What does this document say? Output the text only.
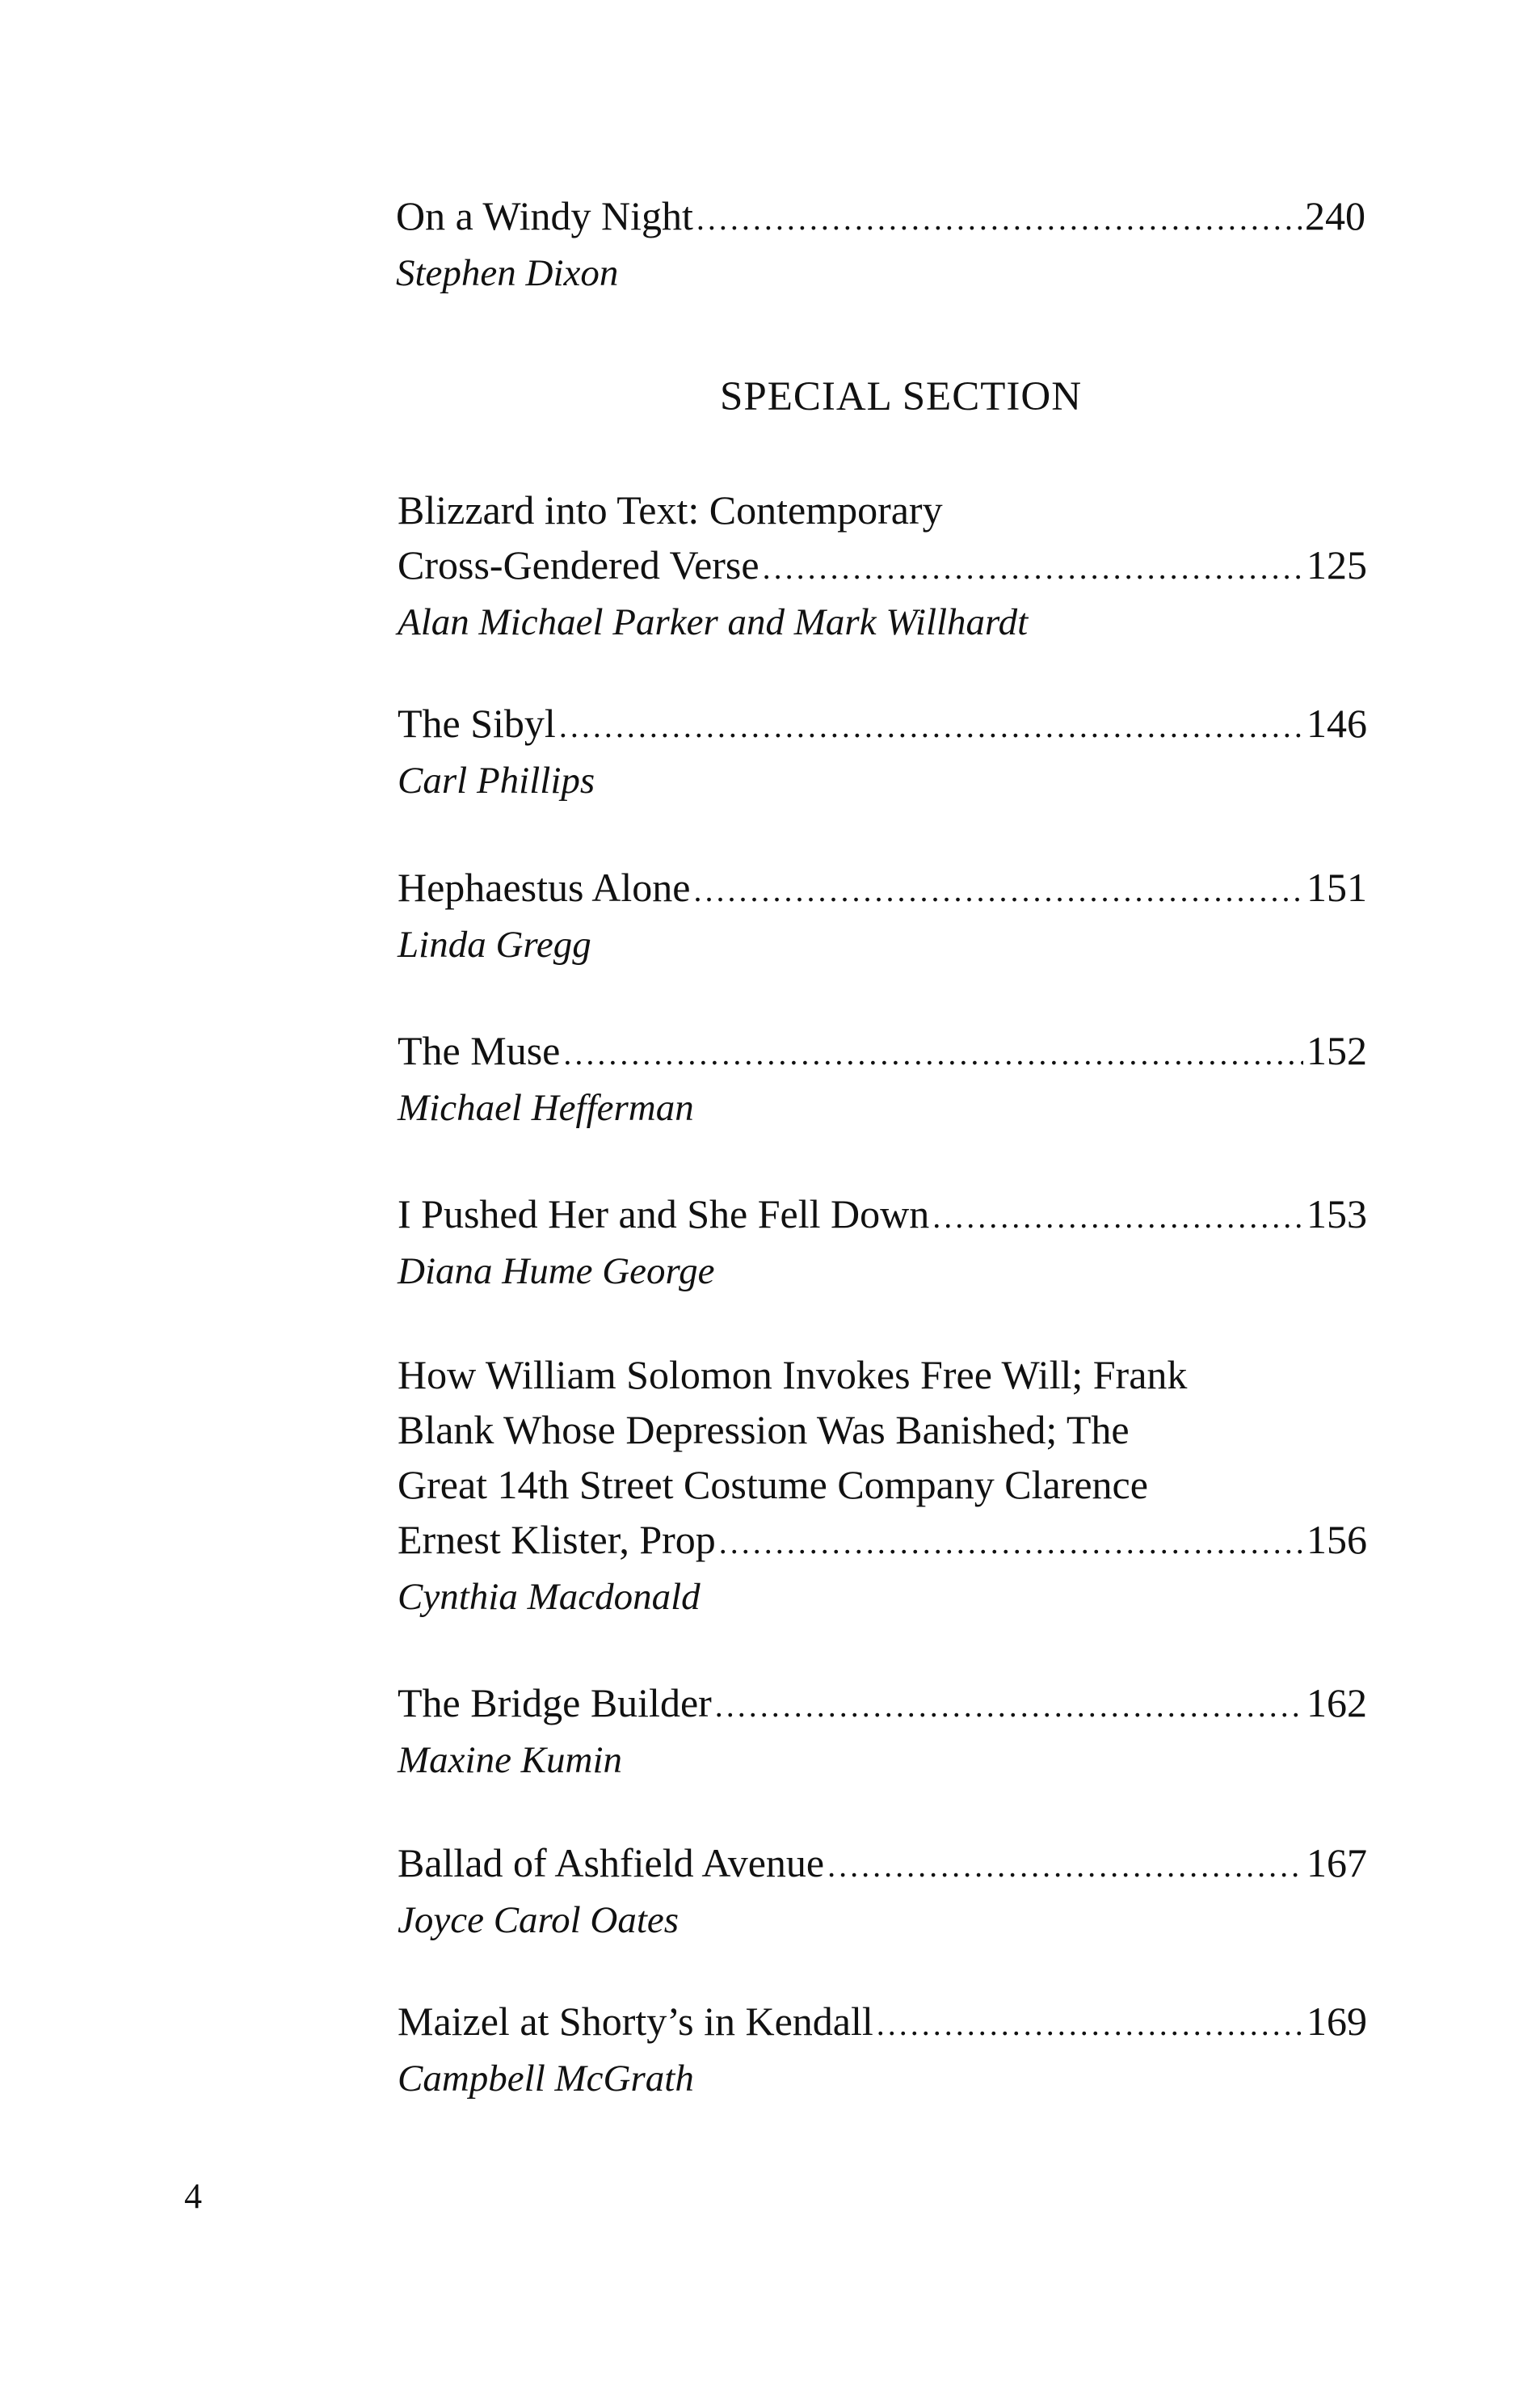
On a Windy Night .....	240
Stephen Dixon
SPECIAL SECTION
Blizzard into Text: Contemporary
Cross-Gendered Verse .....	125
Alan Michael Parker and Mark Willhardt
The Sibyl .....	146
Carl Phillips
Hephaestus Alone .....	151
Linda Gregg
The Muse .....	152
Michael Hefferman
I Pushed Her and She Fell Down .....	153
Diana Hume George
How William Solomon Invokes Free Will; Frank
Blank Whose Depression Was Banished; The
Great 14th Street Costume Company Clarence
Ernest Klister, Prop .....	156
Cynthia Macdonald
The Bridge Builder .....	162
Maxine Kumin
Ballad of Ashfield Avenue .....	167
Joyce Carol Oates
Maizel at Shorty’s in Kendall .....	169
Campbell McGrath
4
